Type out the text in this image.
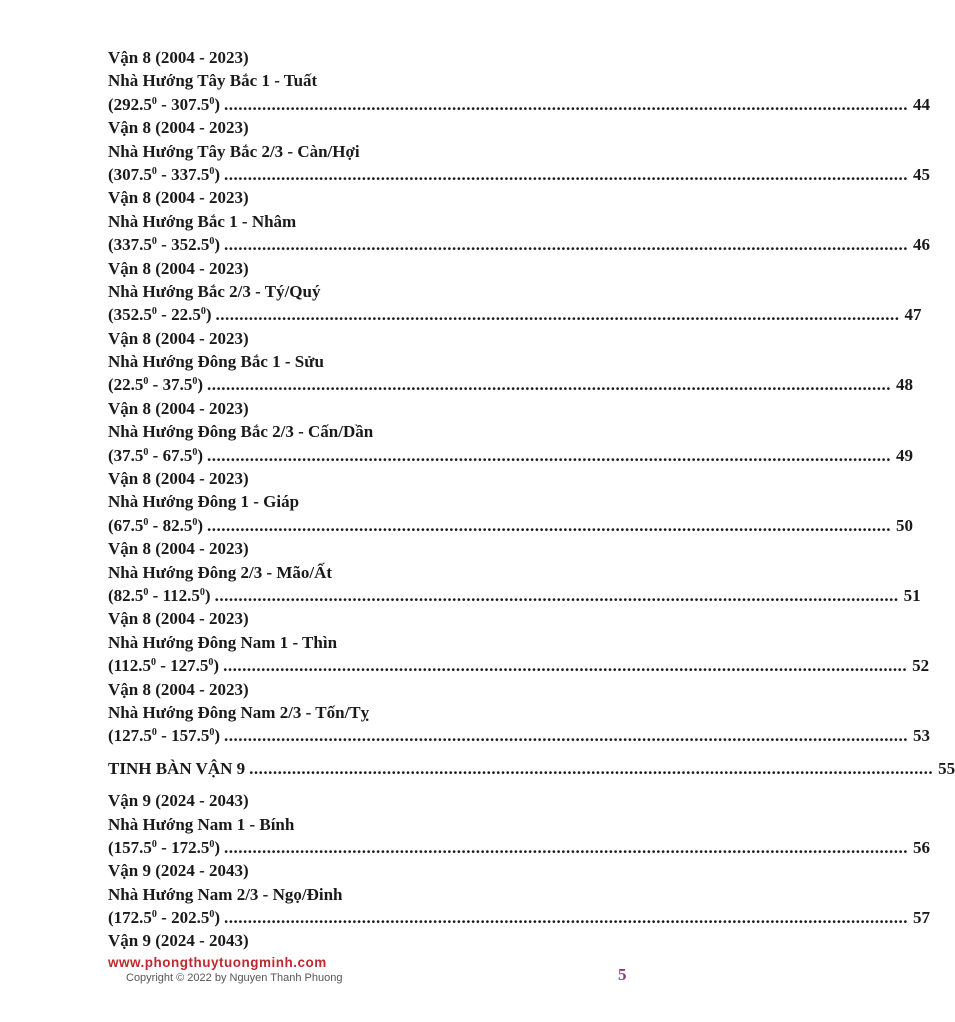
Vận 8 (2004 - 2023)
Nhà Hướng Tây Bắc 1 - Tuất
(292.5$^0$ - 307.5$^0$) ................................................................................................................................................ 44
Vận 8 (2004 - 2023)
Nhà Hướng Tây Bắc 2/3 - Càn/Hợi
(307.5$^0$ - 337.5$^0$) ................................................................................................................................................ 45
Vận 8 (2004 - 2023)
Nhà Hướng Bắc 1 - Nhâm
(337.5$^0$ - 352.5$^0$) ................................................................................................................................................ 46
Vận 8 (2004 - 2023)
Nhà Hướng Bắc 2/3 - Tý/Quý
(352.5$^0$ - 22.5$^0$) ................................................................................................................................................ 47
Vận 8 (2004 - 2023)
Nhà Hướng Đông Bắc 1 - Sửu
(22.5$^0$ - 37.5$^0$) ................................................................................................................................................ 48
Vận 8 (2004 - 2023)
Nhà Hướng Đông Bắc 2/3 - Cấn/Dần
(37.5$^0$ - 67.5$^0$) ................................................................................................................................................ 49
Vận 8 (2004 - 2023)
Nhà Hướng Đông 1 - Giáp
(67.5$^0$ - 82.5$^0$) ................................................................................................................................................ 50
Vận 8 (2004 - 2023)
Nhà Hướng Đông 2/3 - Mão/Ất
(82.5$^0$ - 112.5$^0$) ................................................................................................................................................ 51
Vận 8 (2004 - 2023)
Nhà Hướng Đông Nam 1 - Thìn
(112.5$^0$ - 127.5$^0$) ................................................................................................................................................ 52
Vận 8 (2004 - 2023)
Nhà Hướng Đông Nam 2/3 - Tốn/Tỵ
(127.5$^0$ - 157.5$^0$) ................................................................................................................................................ 53
TINH BÀN VẬN 9 ................................................................................................................................................ 55
Vận 9 (2024 - 2043)
Nhà Hướng Nam 1 - Bính
(157.5$^0$ - 172.5$^0$) ................................................................................................................................................ 56
Vận 9 (2024 - 2043)
Nhà Hướng Nam 2/3 - Ngọ/Đinh
(172.5$^0$ - 202.5$^0$) ................................................................................................................................................ 57
Vận 9 (2024 - 2043)
www.phongthuytuongminh.com
Copyright © 2022 by Nguyen Thanh Phuong	5
